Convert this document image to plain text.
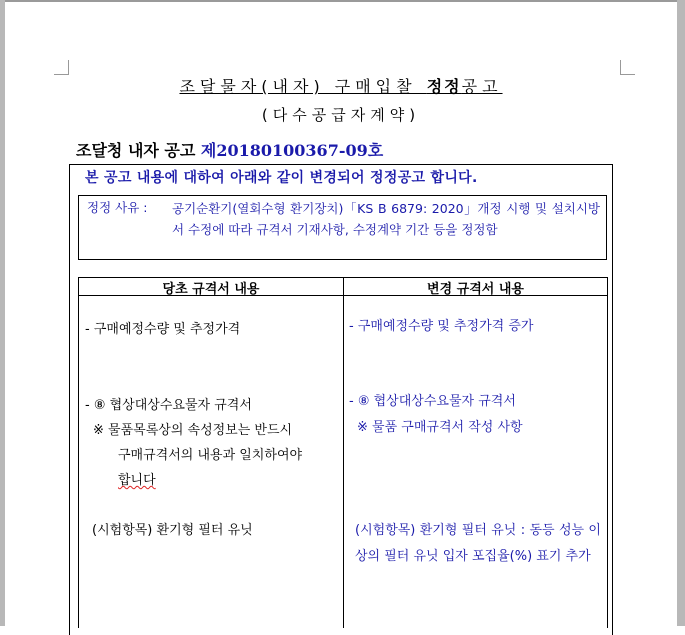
조달물자(내자) 구매입찰 정정공고
(다수공급자계약)
조달청 내자 공고 제20180100367-09호
본 공고 내용에 대하여 아래와 같이 변경되어 정정공고 합니다.
정정 사유 : 공기순환기(열회수형 환기장치)「KS B 6879: 2020」개정 시행 및 설치시방서 수정에 따라 규격서 기재사항, 수정계약 기간 등을 정정함
당초 규격서 내용	변경 규격서 내용
- 구매예정수량 및 추정가격
- ⑧ 협상대상수요물자 규격서
※ 물품목록상의 속성정보는 반드시
구매규격서의 내용과 일치하여야
합니다
(시험항목) 환기형 필터 유닛
- 구매예정수량 및 추정가격 증가
- ⑧ 협상대상수요물자 규격서
※ 물품 구매규격서 작성 사항
(시험항목) 환기형 필터 유닛 : 동등 성능 이상의 필터 유닛 입자 포집율(%) 표기 추가
